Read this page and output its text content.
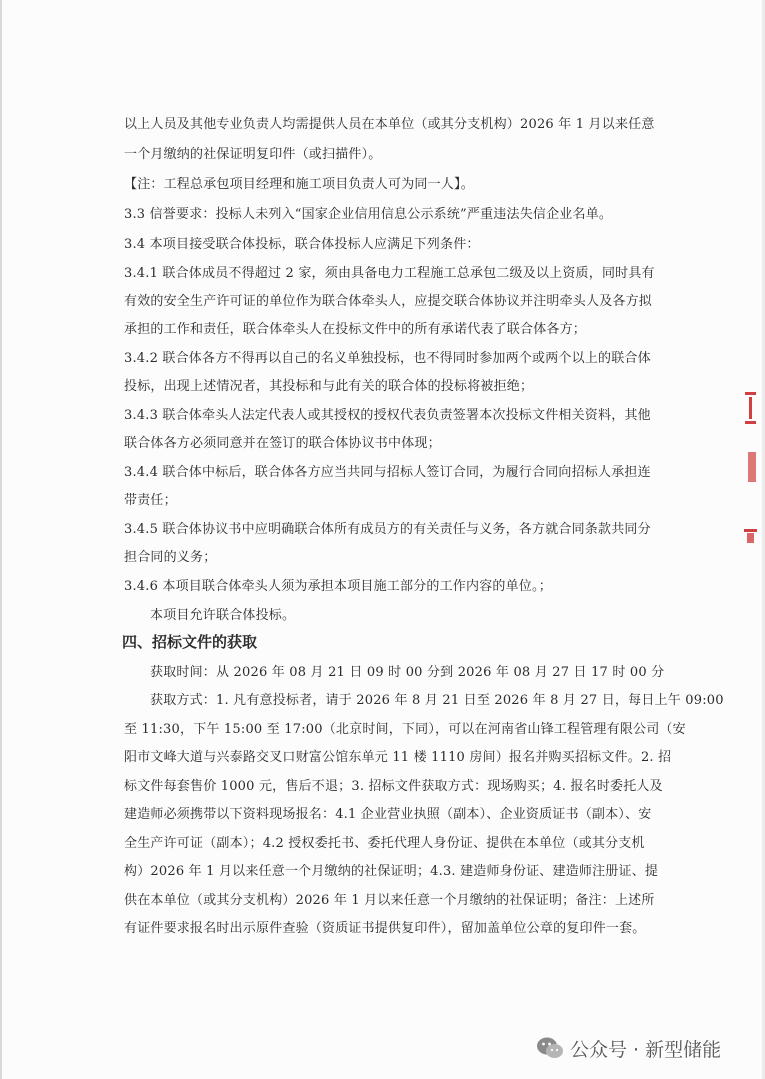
以上人员及其他专业负责人均需提供人员在本单位（或其分支机构）2026 年 1 月以来任意
一个月缴纳的社保证明复印件（或扫描件）。
【注：工程总承包项目经理和施工项目负责人可为同一人】。
3.3 信誉要求：投标人未列入“国家企业信用信息公示系统”严重违法失信企业名单。
3.4 本项目接受联合体投标，联合体投标人应满足下列条件：
3.4.1 联合体成员不得超过 2 家，须由具备电力工程施工总承包二级及以上资质，同时具有
有效的安全生产许可证的单位作为联合体牵头人，应提交联合体协议并注明牵头人及各方拟
承担的工作和责任，联合体牵头人在投标文件中的所有承诺代表了联合体各方；
3.4.2 联合体各方不得再以自己的名义单独投标，也不得同时参加两个或两个以上的联合体
投标，出现上述情况者，其投标和与此有关的联合体的投标将被拒绝；
3.4.3 联合体牵头人法定代表人或其授权的授权代表负责签署本次投标文件相关资料，其他
联合体各方必须同意并在签订的联合体协议书中体现；
3.4.4 联合体中标后，联合体各方应当共同与招标人签订合同，为履行合同向招标人承担连
带责任；
3.4.5 联合体协议书中应明确联合体所有成员方的有关责任与义务，各方就合同条款共同分
担合同的义务；
3.4.6 本项目联合体牵头人须为承担本项目施工部分的工作内容的单位。；
本项目允许联合体投标。
四、招标文件的获取
获取时间：从 2026 年 08 月 21 日 09 时 00 分到 2026 年 08 月 27 日 17 时 00 分
获取方式：1. 凡有意投标者，请于 2026 年 8 月 21 日至 2026 年 8 月 27 日，每日上午 09:00
至 11:30，下午 15:00 至 17:00（北京时间，下同），可以在河南省山锋工程管理有限公司（安
阳市文峰大道与兴泰路交叉口财富公馆东单元 11 楼 1110 房间）报名并购买招标文件。2. 招
标文件每套售价 1000 元，售后不退；3. 招标文件获取方式：现场购买；4. 报名时委托人及
建造师必须携带以下资料现场报名：4.1 企业营业执照（副本）、企业资质证书（副本）、安
全生产许可证（副本）；4.2 授权委托书、委托代理人身份证、提供在本单位（或其分支机
构）2026 年 1 月以来任意一个月缴纳的社保证明；4.3. 建造师身份证、建造师注册证、提
供在本单位（或其分支机构）2026 年 1 月以来任意一个月缴纳的社保证明；备注：上述所
有证件要求报名时出示原件查验（资质证书提供复印件），留加盖单位公章的复印件一套。
公众号 · 新型储能
